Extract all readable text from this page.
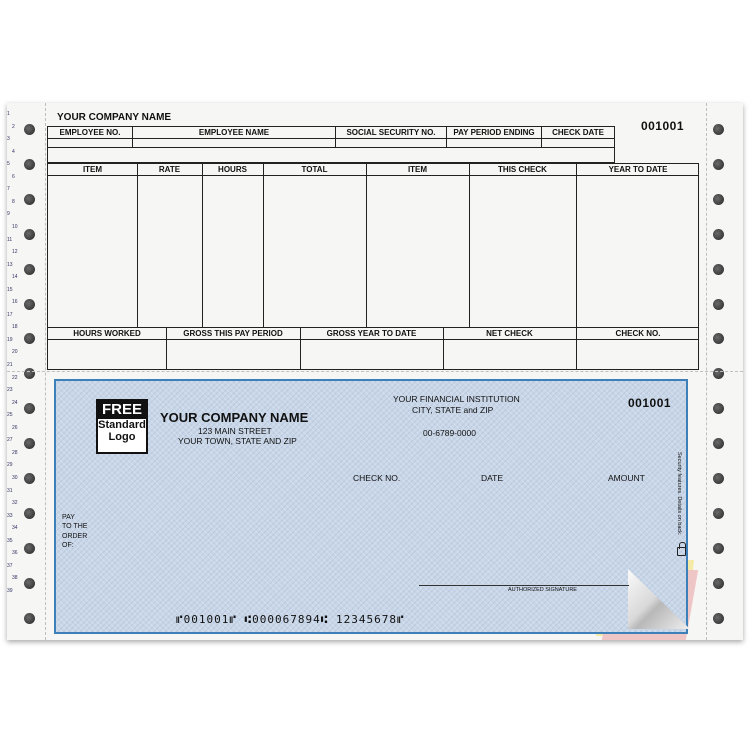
1
2
3
4
5
6
7
8
9
10
11
12
13
14
15
16
17
18
19
20
21
22
23
24
25
26
27
28
29
30
31
32
33
34
35
36
37
38
39
YOUR COMPANY NAME
001001
EMPLOYEE NO.	EMPLOYEE NAME	SOCIAL SECURITY NO.	PAY PERIOD ENDING	CHECK DATE
ITEM	RATE	HOURS	TOTAL	ITEM	THIS CHECK	YEAR TO DATE
HOURS WORKED	GROSS THIS PAY PERIOD	GROSS YEAR TO DATE	NET CHECK	CHECK NO.
FREE
Standard
Logo
YOUR COMPANY NAME
123 MAIN STREET
YOUR TOWN, STATE AND ZIP
YOUR FINANCIAL INSTITUTION
CITY, STATE and ZIP
00-6789-0000
001001
CHECK NO.	DATE	AMOUNT
PAY
TO THE
ORDER
OF:
Security features. Details on back.
AUTHORIZED SIGNATURE
⑈001001⑈ ⑆000067894⑆ 12345678⑈
